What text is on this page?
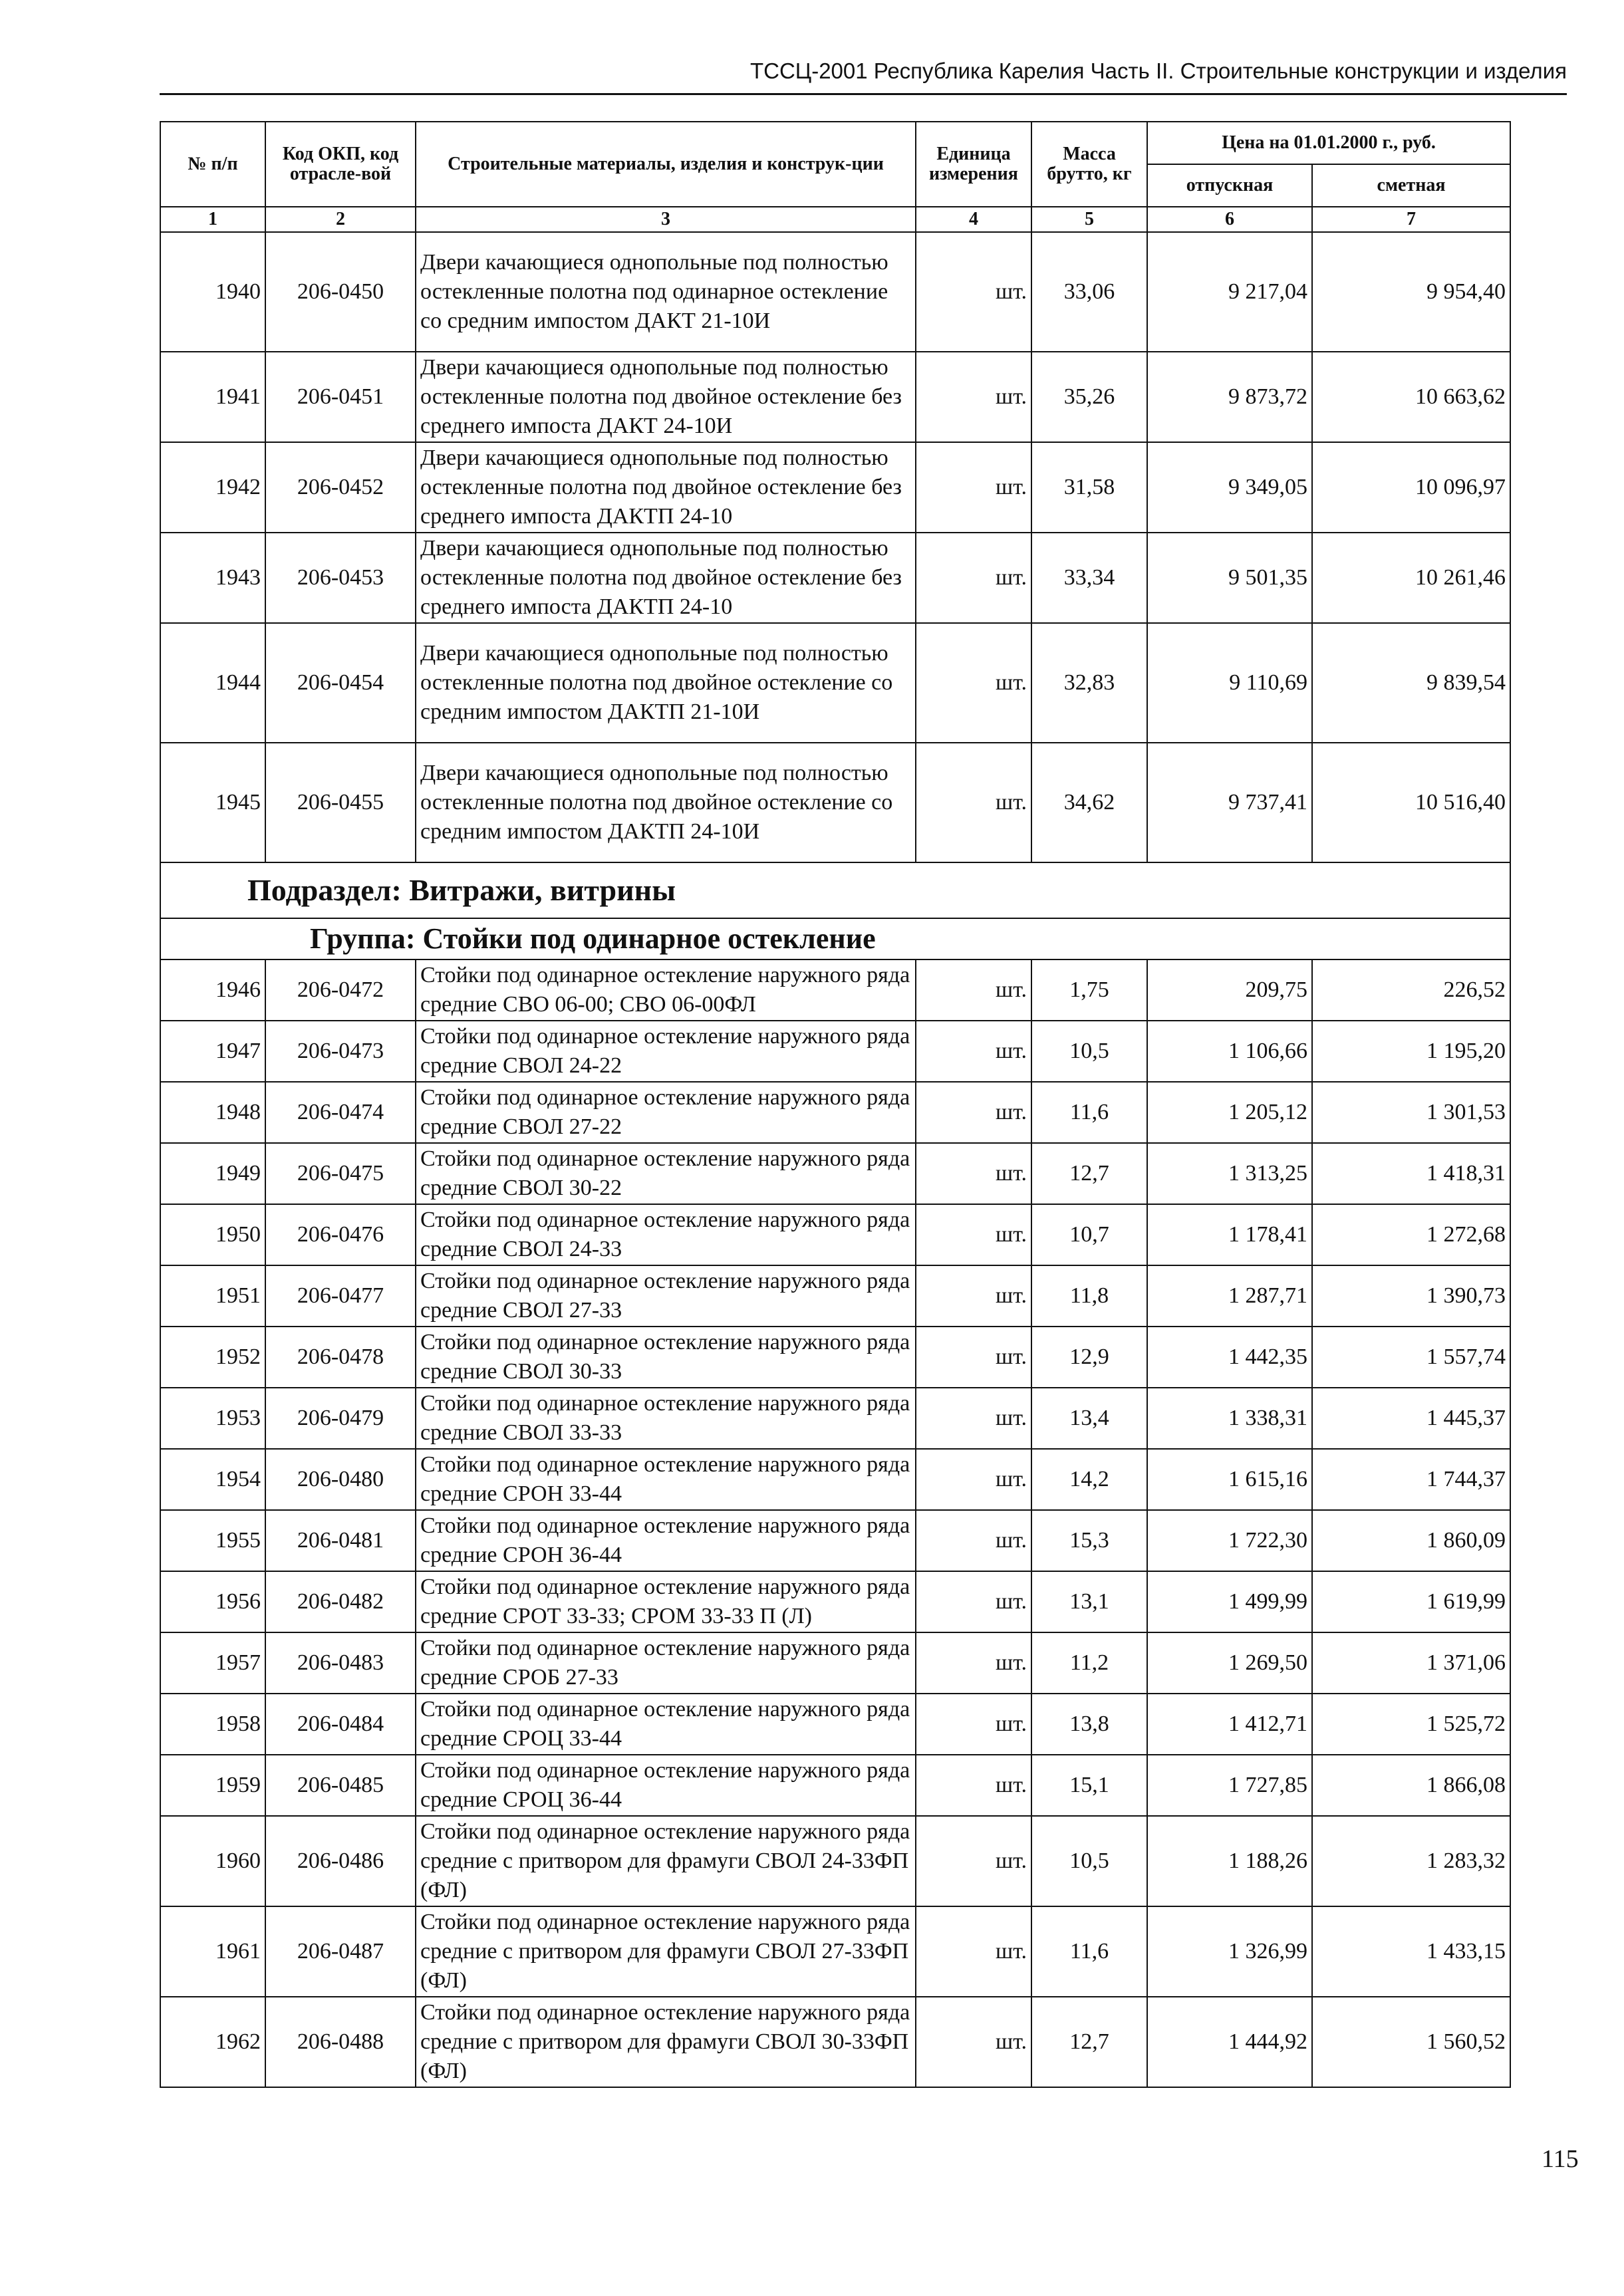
ТССЦ-2001 Республика Карелия Часть II. Строительные конструкции и изделия
№ п/п	Код ОКП, код отрасле-вой	Строительные материалы, изделия и конструк-ции	Единица измерения	Масса брутто, кг	Цена на 01.01.2000 г., руб.	
					отпускная	сметная
1	2	3	4	5	6	7
1940	206-0450	Двери качающиеся однопольные под полностью остекленные полотна под одинарное остекление со средним импостом ДАКТ 21-10И	шт.	33,06	9 217,04	9 954,40
1941	206-0451	Двери качающиеся однопольные под полностью остекленные полотна под двойное остекление без среднего импоста ДАКТ 24-10И	шт.	35,26	9 873,72	10 663,62
1942	206-0452	Двери качающиеся однопольные под полностью остекленные полотна под двойное остекление без среднего импоста ДАКТП 24-10	шт.	31,58	9 349,05	10 096,97
1943	206-0453	Двери качающиеся однопольные под полностью остекленные полотна под двойное остекление без среднего импоста ДАКТП 24-10	шт.	33,34	9 501,35	10 261,46
1944	206-0454	Двери качающиеся однопольные под полностью остекленные полотна под двойное остекление со средним импостом ДАКТП 21-10И	шт.	32,83	9 110,69	9 839,54
1945	206-0455	Двери качающиеся однопольные под полностью остекленные полотна под двойное остекление со средним импостом ДАКТП 24-10И	шт.	34,62	9 737,41	10 516,40
Подраздел: Витражи, витрины						
Группа: Стойки под одинарное остекление						
1946	206-0472	Стойки под одинарное остекление наружного ряда средние СВО 06-00; СВО 06-00ФЛ	шт.	1,75	209,75	226,52
1947	206-0473	Стойки под одинарное остекление наружного ряда средние СВОЛ 24-22	шт.	10,5	1 106,66	1 195,20
1948	206-0474	Стойки под одинарное остекление наружного ряда средние СВОЛ 27-22	шт.	11,6	1 205,12	1 301,53
1949	206-0475	Стойки под одинарное остекление наружного ряда средние СВОЛ 30-22	шт.	12,7	1 313,25	1 418,31
1950	206-0476	Стойки под одинарное остекление наружного ряда средние СВОЛ 24-33	шт.	10,7	1 178,41	1 272,68
1951	206-0477	Стойки под одинарное остекление наружного ряда средние СВОЛ 27-33	шт.	11,8	1 287,71	1 390,73
1952	206-0478	Стойки под одинарное остекление наружного ряда средние СВОЛ 30-33	шт.	12,9	1 442,35	1 557,74
1953	206-0479	Стойки под одинарное остекление наружного ряда средние СВОЛ 33-33	шт.	13,4	1 338,31	1 445,37
1954	206-0480	Стойки под одинарное остекление наружного ряда средние СРОН 33-44	шт.	14,2	1 615,16	1 744,37
1955	206-0481	Стойки под одинарное остекление наружного ряда средние СРОН 36-44	шт.	15,3	1 722,30	1 860,09
1956	206-0482	Стойки под одинарное остекление наружного ряда средние СРОТ 33-33; СРОМ 33-33 П (Л)	шт.	13,1	1 499,99	1 619,99
1957	206-0483	Стойки под одинарное остекление наружного ряда средние СРОБ 27-33	шт.	11,2	1 269,50	1 371,06
1958	206-0484	Стойки под одинарное остекление наружного ряда средние СРОЦ 33-44	шт.	13,8	1 412,71	1 525,72
1959	206-0485	Стойки под одинарное остекление наружного ряда средние СРОЦ 36-44	шт.	15,1	1 727,85	1 866,08
1960	206-0486	Стойки под одинарное остекление наружного ряда средние с притвором для фрамуги СВОЛ 24-33ФП (ФЛ)	шт.	10,5	1 188,26	1 283,32
1961	206-0487	Стойки под одинарное остекление наружного ряда средние с притвором для фрамуги СВОЛ 27-33ФП (ФЛ)	шт.	11,6	1 326,99	1 433,15
1962	206-0488	Стойки под одинарное остекление наружного ряда средние с притвором для фрамуги СВОЛ 30-33ФП (ФЛ)	шт.	12,7	1 444,92	1 560,52
115
